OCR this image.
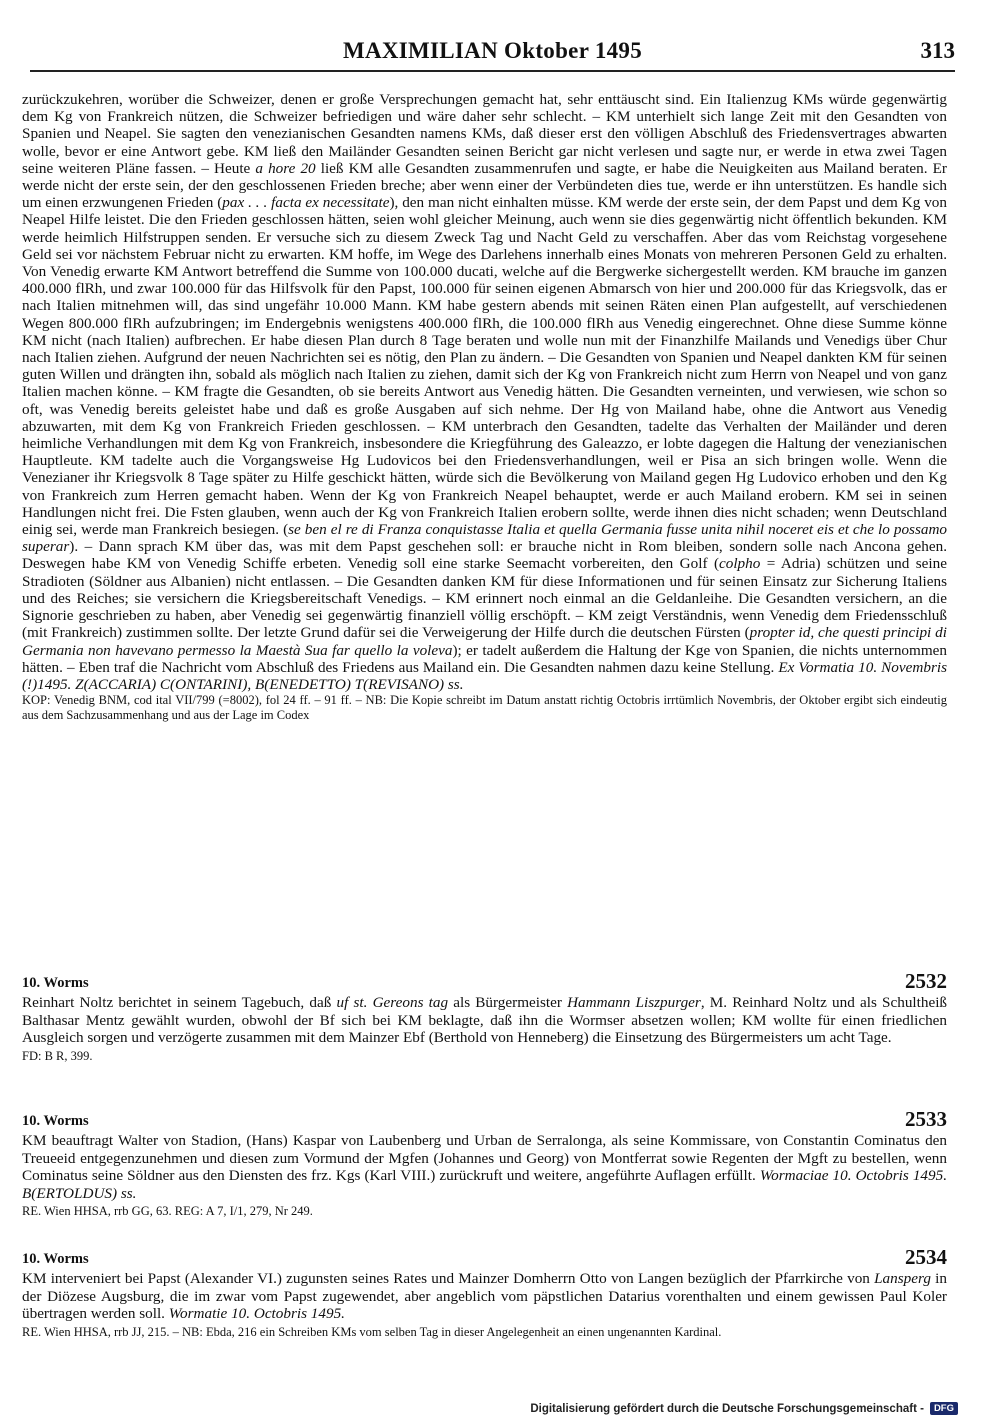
MAXIMILIAN Oktober 1495	313

zurückzukehren, worüber die Schweizer, denen er große Versprechungen gemacht hat, sehr enttäuscht sind. Ein Italienzug KMs würde gegenwärtig dem Kg von Frankreich nützen, die Schweizer befriedigen und wäre daher sehr schlecht. – KM unterhielt sich lange Zeit mit den Gesandten von Spanien und Neapel. Sie sagten den venezianischen Gesandten namens KMs, daß dieser erst den völligen Abschluß des Friedensvertrages abwarten wolle, bevor er eine Antwort gebe. KM ließ den Mailänder Gesandten seinen Bericht gar nicht verlesen und sagte nur, er werde in etwa zwei Tagen seine weiteren Pläne fassen. – Heute a hore 20 ließ KM alle Gesandten zusammenrufen und sagte, er habe die Neuigkeiten aus Mailand beraten. Er werde nicht der erste sein, der den geschlossenen Frieden breche; aber wenn einer der Verbündeten dies tue, werde er ihn unterstützen. Es handle sich um einen erzwungenen Frieden (pax . . . facta ex necessitate), den man nicht einhalten müsse. KM werde der erste sein, der dem Papst und dem Kg von Neapel Hilfe leistet. Die den Frieden geschlossen hätten, seien wohl gleicher Meinung, auch wenn sie dies gegenwärtig nicht öffentlich bekunden. KM werde heimlich Hilfstruppen senden. Er versuche sich zu diesem Zweck Tag und Nacht Geld zu verschaffen. Aber das vom Reichstag vorgesehene Geld sei vor nächstem Februar nicht zu erwarten. KM hoffe, im Wege des Darlehens innerhalb eines Monats von mehreren Personen Geld zu erhalten. Von Venedig erwarte KM Antwort betreffend die Summe von 100.000 ducati, welche auf die Bergwerke sichergestellt werden. KM brauche im ganzen 400.000 flRh, und zwar 100.000 für das Hilfsvolk für den Papst, 100.000 für seinen eigenen Abmarsch von hier und 200.000 für das Kriegsvolk, das er nach Italien mitnehmen will, das sind ungefähr 10.000 Mann. KM habe gestern abends mit seinen Räten einen Plan aufgestellt, auf verschiedenen Wegen 800.000 flRh aufzubringen; im Endergebnis wenigstens 400.000 flRh, die 100.000 flRh aus Venedig eingerechnet. Ohne diese Summe könne KM nicht (nach Italien) aufbrechen. Er habe diesen Plan durch 8 Tage beraten und wolle nun mit der Finanzhilfe Mailands und Venedigs über Chur nach Italien ziehen. Aufgrund der neuen Nachrichten sei es nötig, den Plan zu ändern. – Die Gesandten von Spanien und Neapel dankten KM für seinen guten Willen und drängten ihn, sobald als möglich nach Italien zu ziehen, damit sich der Kg von Frankreich nicht zum Herrn von Neapel und von ganz Italien machen könne. – KM fragte die Gesandten, ob sie bereits Antwort aus Venedig hätten. Die Gesandten verneinten, und verwiesen, wie schon so oft, was Venedig bereits geleistet habe und daß es große Ausgaben auf sich nehme. Der Hg von Mailand habe, ohne die Antwort aus Venedig abzuwarten, mit dem Kg von Frankreich Frieden geschlossen. – KM unterbrach den Gesandten, tadelte das Verhalten der Mailänder und deren heimliche Verhandlungen mit dem Kg von Frankreich, insbesondere die Kriegführung des Galeazzo, er lobte dagegen die Haltung der venezianischen Hauptleute. KM tadelte auch die Vorgangsweise Hg Ludovicos bei den Friedensverhandlungen, weil er Pisa an sich bringen wolle. Wenn die Venezianer ihr Kriegsvolk 8 Tage später zu Hilfe geschickt hätten, würde sich die Bevölkerung von Mailand gegen Hg Ludovico erhoben und den Kg von Frankreich zum Herren gemacht haben. Wenn der Kg von Frankreich Neapel behauptet, werde er auch Mailand erobern. KM sei in seinen Handlungen nicht frei. Die Fsten glauben, wenn auch der Kg von Frankreich Italien erobern sollte, werde ihnen dies nicht schaden; wenn Deutschland einig sei, werde man Frankreich besiegen. (se ben el re di Franza conquistasse Italia et quella Germania fusse unita nihil noceret eis et che lo possamo superar). – Dann sprach KM über das, was mit dem Papst geschehen soll: er brauche nicht in Rom bleiben, sondern solle nach Ancona gehen. Deswegen habe KM von Venedig Schiffe erbeten. Venedig soll eine starke Seemacht vorbereiten, den Golf (colpho = Adria) schützen und seine Stradioten (Söldner aus Albanien) nicht entlassen. – Die Gesandten danken KM für diese Informationen und für seinen Einsatz zur Sicherung Italiens und des Reiches; sie versichern die Kriegsbereitschaft Venedigs. – KM erinnert noch einmal an die Geldanleihe. Die Gesandten versichern, an die Signorie geschrieben zu haben, aber Venedig sei gegenwärtig finanziell völlig erschöpft. – KM zeigt Verständnis, wenn Venedig dem Friedensschluß (mit Frankreich) zustimmen sollte. Der letzte Grund dafür sei die Verweigerung der Hilfe durch die deutschen Fürsten (propter id, che questi principi di Germania non havevano permesso la Maestà Sua far quello la voleva); er tadelt außerdem die Haltung der Kge von Spanien, die nichts unternommen hätten. – Eben traf die Nachricht vom Abschluß des Friedens aus Mailand ein. Die Gesandten nahmen dazu keine Stellung. Ex Vormatia 10. Novembris (!)1495. Z(ACCARIA) C(ONTARINI), B(ENEDETTO) T(REVISANO) ss.

KOP: Venedig BNM, cod ital VII/799 (=8002), fol 24 ff. – 91 ff. – NB: Die Kopie schreibt im Datum anstatt richtig Octobris irrtümlich Novembris, der Oktober ergibt sich eindeutig aus dem Sachzusammenhang und aus der Lage im Codex

10. Worms	2532
Reinhart Noltz berichtet in seinem Tagebuch, daß uf st. Gereons tag als Bürgermeister Hammann Liszpurger, M. Reinhard Noltz und als Schultheiß Balthasar Mentz gewählt wurden, obwohl der Bf sich bei KM beklagte, daß ihn die Wormser absetzen wollen; KM wollte für einen friedlichen Ausgleich sorgen und verzögerte zusammen mit dem Mainzer Ebf (Berthold von Henneberg) die Einsetzung des Bürgermeisters um acht Tage.
FD: B R, 399.
10. Worms	2533
KM beauftragt Walter von Stadion, (Hans) Kaspar von Laubenberg und Urban de Serralonga, als seine Kommissare, von Constantin Cominatus den Treueeid entgegenzunehmen und diesen zum Vormund der Mgfen (Johannes und Georg) von Montferrat sowie Regenten der Mgft zu bestellen, wenn Cominatus seine Söldner aus den Diensten des frz. Kgs (Karl VIII.) zurückruft und weitere, angeführte Auflagen erfüllt. Wormaciae 10. Octobris 1495. B(ERTOLDUS) ss.
RE. Wien HHSA, rrb GG, 63. REG: A 7, I/1, 279, Nr 249.
10. Worms	2534
KM interveniert bei Papst (Alexander VI.) zugunsten seines Rates und Mainzer Domherrn Otto von Langen bezüglich der Pfarrkirche von Lansperg in der Diözese Augsburg, die im zwar vom Papst zugewendet, aber angeblich vom päpstlichen Datarius vorenthalten und einem gewissen Paul Koler übertragen werden soll. Wormatie 10. Octobris 1495.
RE. Wien HHSA, rrb JJ, 215. – NB: Ebda, 216 ein Schreiben KMs vom selben Tag in dieser Angelegenheit an einen ungenannten Kardinal.
Digitalisierung gefördert durch die Deutsche Forschungsgemeinschaft -	DFG
